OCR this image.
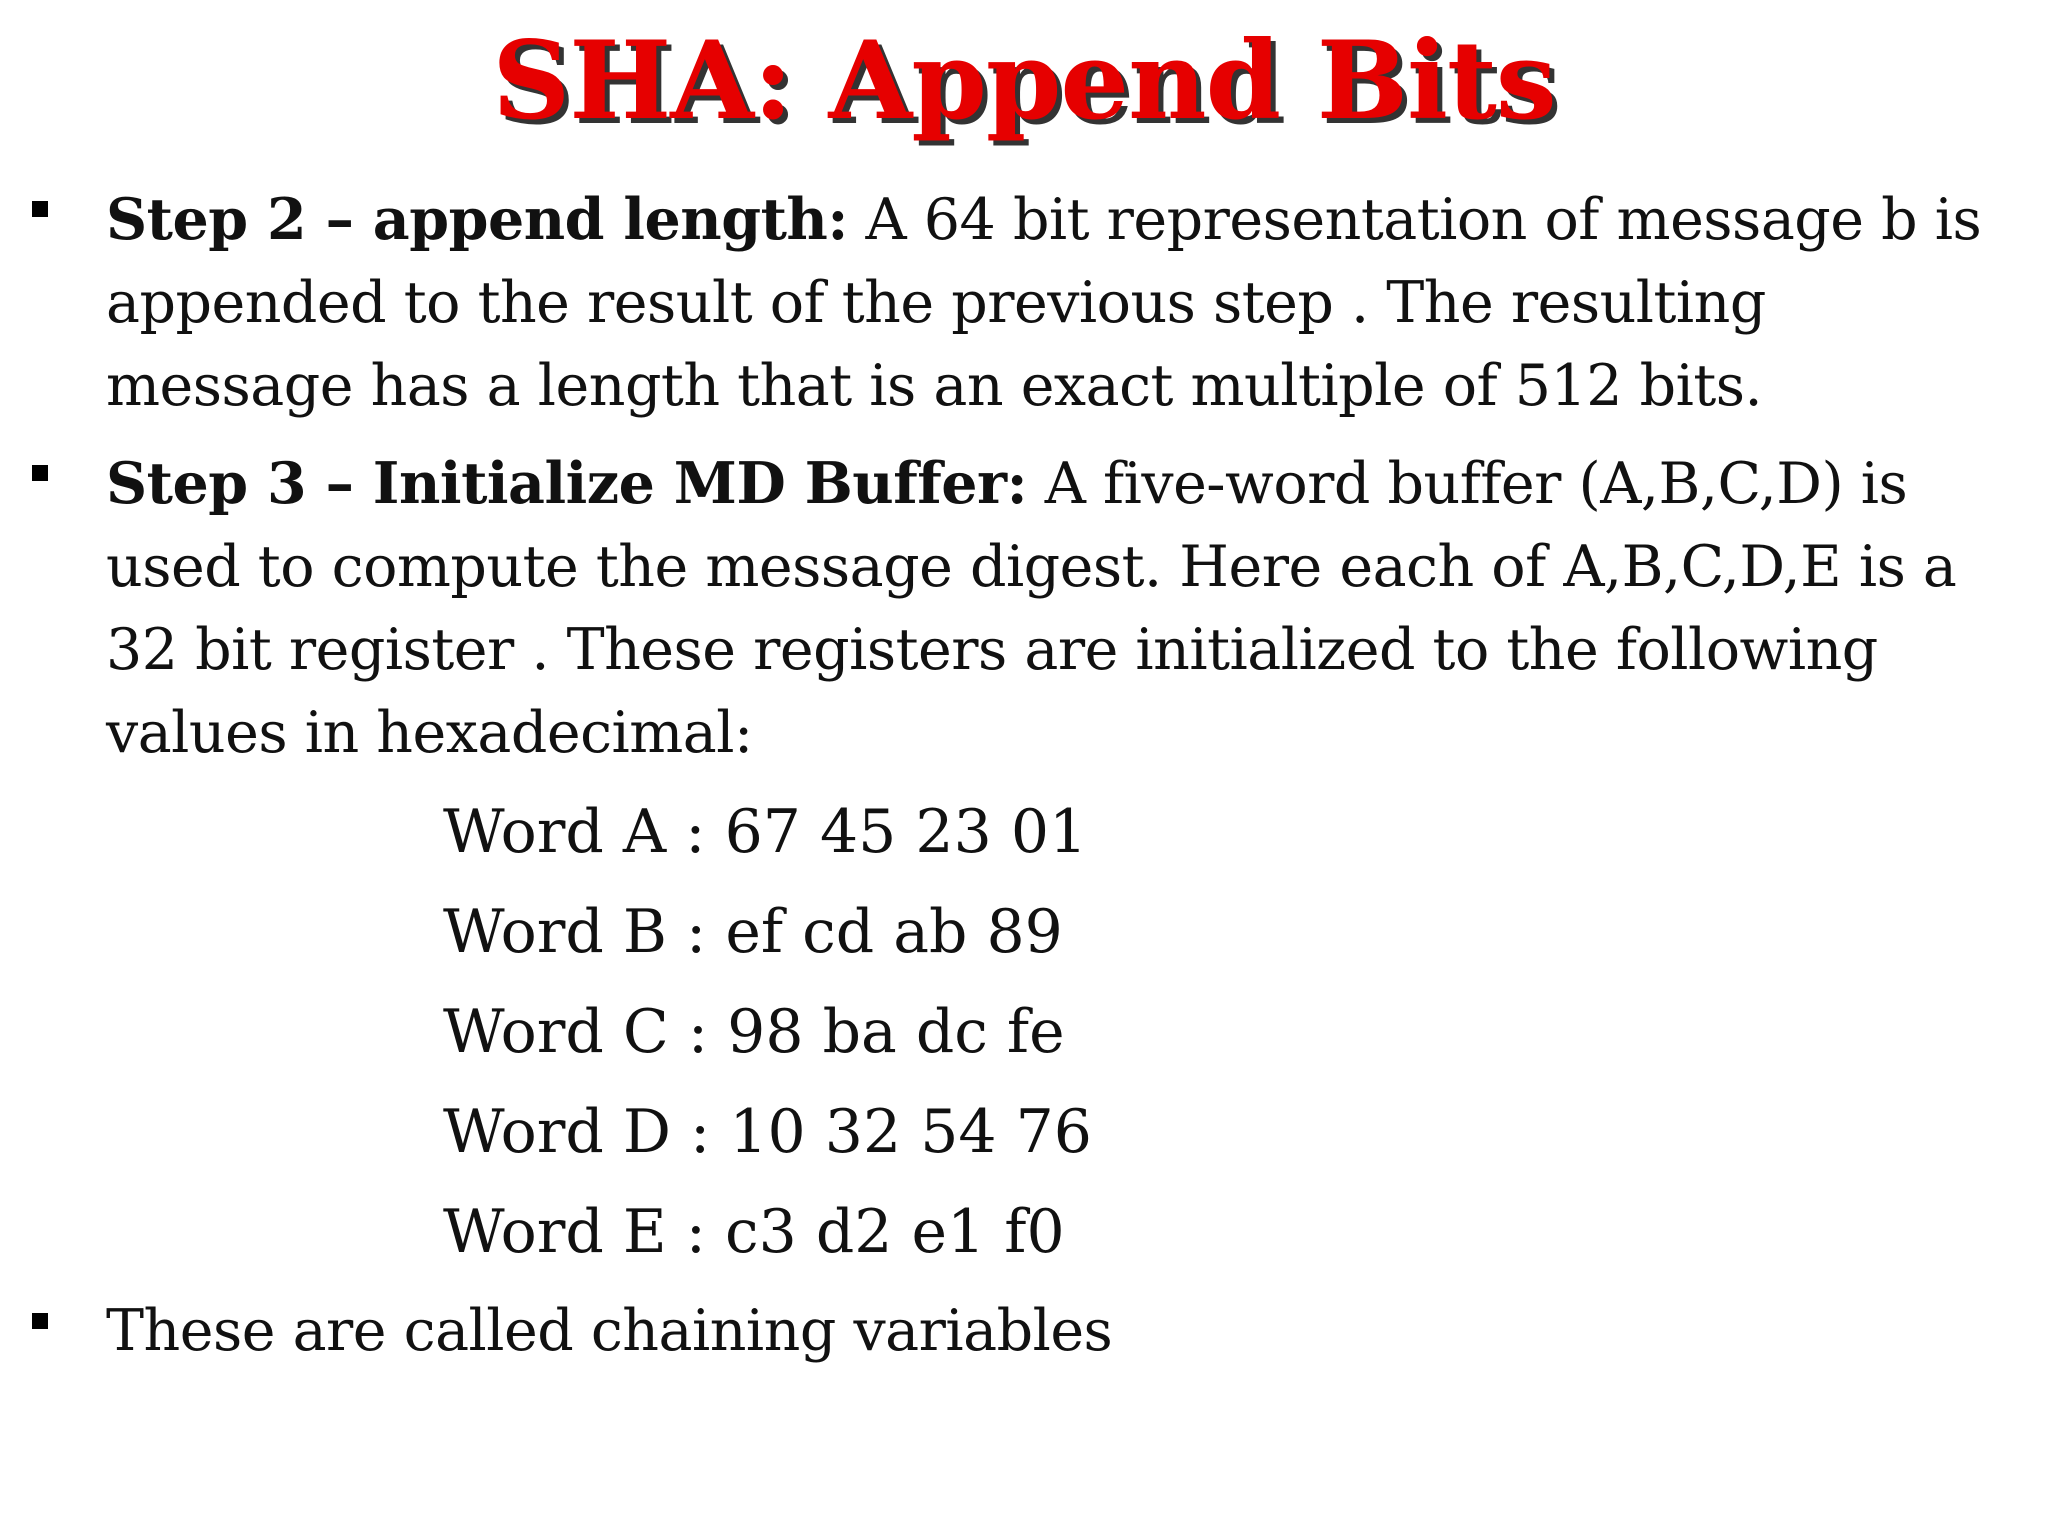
SHA: Append Bits
Step 2 – append length: A 64 bit representation of message b is appended to the result of the previous step . The resulting message has a length that is an exact multiple of 512 bits.
Step 3 – Initialize MD Buffer: A five-word buffer (A,B,C,D) is used to compute the message digest. Here each of A,B,C,D,E is a 32 bit register . These registers are initialized to the following values in hexadecimal:
Word A : 67 45 23 01
Word B : ef cd ab 89
Word C : 98 ba dc fe
Word D : 10 32 54 76
Word E : c3 d2 e1 f0
These are called chaining variables
